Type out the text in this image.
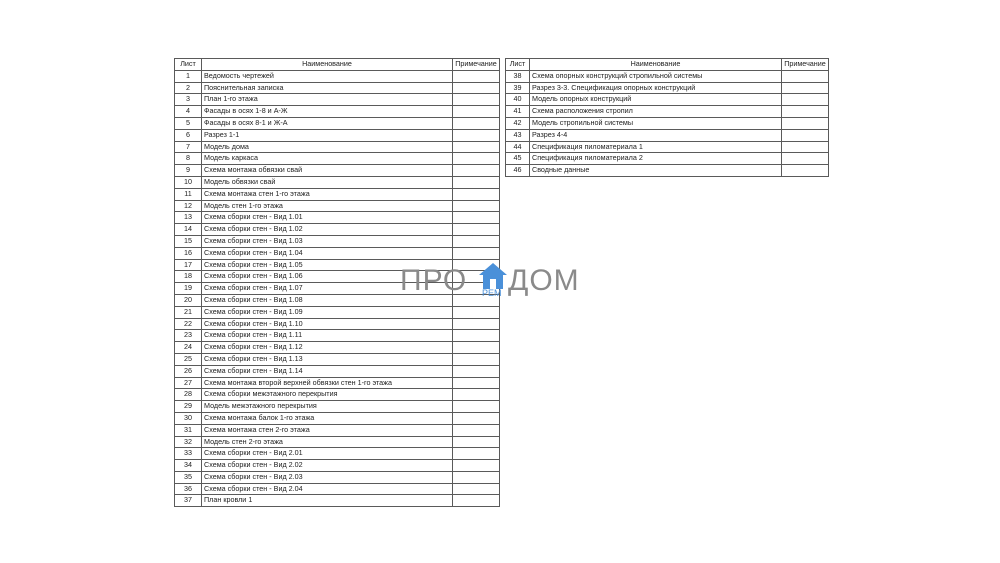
Лист	Наименование	Примечание
1	Ведомость чертежей	
2	Пояснительная записка	
3	План 1-го этажа	
4	Фасады в осях 1-8 и А-Ж	
5	Фасады в осях 8-1 и Ж-А	
6	Разрез 1-1	
7	Модель дома	
8	Модель каркаса	
9	Схема монтажа обвязки свай	
10	Модель обвязки свай	
11	Схема монтажа стен 1-го этажа	
12	Модель стен 1-го этажа	
13	Схема сборки стен - Вид 1.01	
14	Схема сборки стен - Вид 1.02	
15	Схема сборки стен - Вид 1.03	
16	Схема сборки стен - Вид 1.04	
17	Схема сборки стен - Вид 1.05	
18	Схема сборки стен - Вид 1.06	
19	Схема сборки стен - Вид 1.07	
20	Схема сборки стен - Вид 1.08	
21	Схема сборки стен - Вид 1.09	
22	Схема сборки стен - Вид 1.10	
23	Схема сборки стен - Вид 1.11	
24	Схема сборки стен - Вид 1.12	
25	Схема сборки стен - Вид 1.13	
26	Схема сборки стен - Вид 1.14	
27	Схема монтажа второй верхней обвязки стен 1-го этажа	
28	Схема сборки межэтажного перекрытия	
29	Модель межэтажного перекрытия	
30	Схема монтажа балок 1-го этажа	
31	Схема монтажа стен 2-го этажа	
32	Модель стен 2-го этажа	
33	Схема сборки стен - Вид 2.01	
34	Схема сборки стен - Вид 2.02	
35	Схема сборки стен - Вид 2.03	
36	Схема сборки стен - Вид 2.04	
37	План кровли 1	
Лист	Наименование	Примечание
38	Схема опорных конструкций стропильной системы	
39	Разрез 3-3. Спецификация опорных конструкций	
40	Модель опорных конструкций	
41	Схема расположения стропил	
42	Модель стропильной системы	
43	Разрез 4-4	
44	Спецификация пиломатериала 1	
45	Спецификация пиломатериала 2	
46	Сводные данные	
ПРО РЕМ ДОМ
